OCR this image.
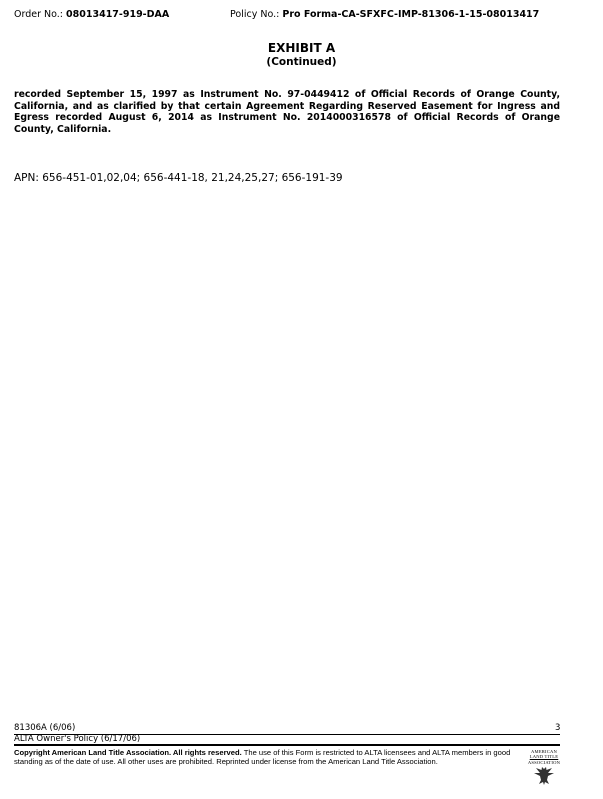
Order No.: 08013417-919-DAA	Policy No.: Pro Forma-CA-SFXFC-IMP-81306-1-15-08013417
EXHIBIT A
(Continued)
recorded September 15, 1997 as Instrument No. 97-0449412 of Official Records of Orange County, California, and as clarified by that certain Agreement Regarding Reserved Easement for Ingress and Egress recorded August 6, 2014 as Instrument No. 2014000316578 of Official Records of Orange County, California.
APN: 656-451-01,02,04; 656-441-18, 21,24,25,27; 656-191-39
81306A (6/06)	3
ALTA Owner's Policy (6/17/06)
Copyright American Land Title Association. All rights reserved. The use of this Form is restricted to ALTA licensees and ALTA members in good standing as of the date of use. All other uses are prohibited. Reprinted under license from the American Land Title Association.
AMERICAN
LAND TITLE
ASSOCIATION
